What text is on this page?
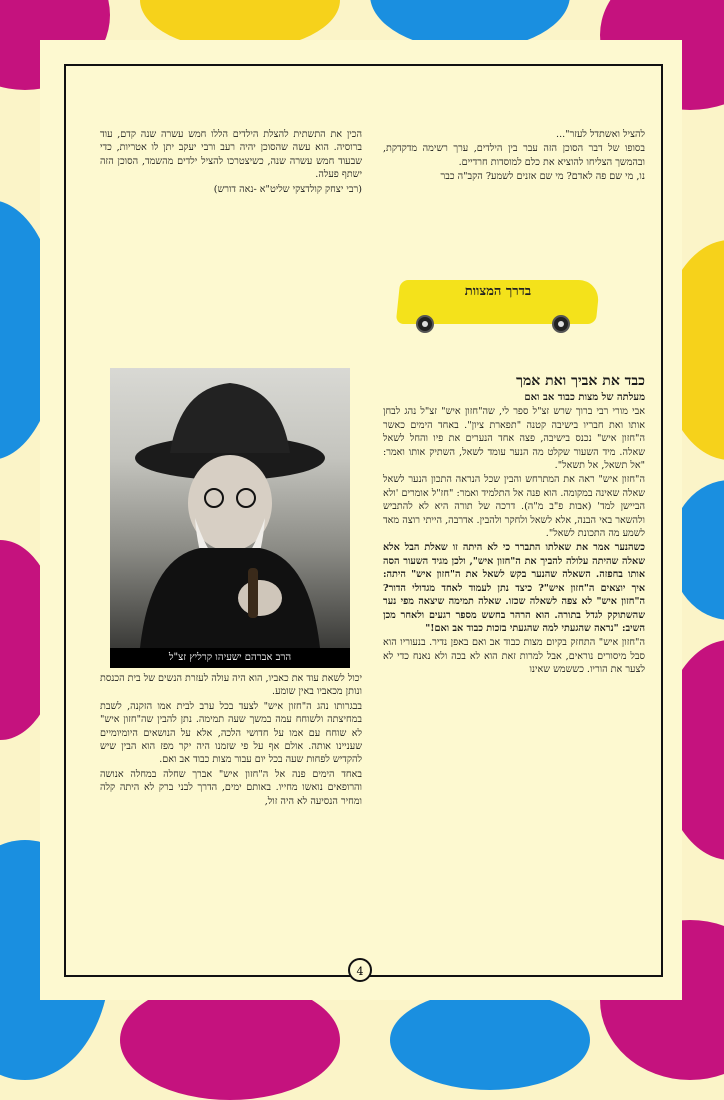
להציל ואשתדל לעזר"...

בסופו של דבר הסוכן הזה עבר בין הילדים, ערך רשימה מדקדקת, ובהמשך הצליחו להוציא את כלם למוסדות חרדיים.

נו, מי שם פה לאדם? מי שם אזנים לשמע? הקב"ה כבר

הכין את התשתית להצלת הילדים הללו חמש עשרה שנה קדם, עוד ברוסיה. הוא עשה שהסוכן יהיה רעב ורבי יעקב יתן לו אטריות, כדי שבעוד חמש עשרה שנה, כשיצטרכו להציל ילדים מהשמד, הסוכן הזה ישתף פעלה.

(רבי יצחק קולדצקי שליט"א -נאה דורש)

בדרך המצוות

כבד את אביך ואת אמך

מעלתה של מצות כבוד אב ואם

אבי מורי רבי ברוך שרש זצ"ל ספר לי, שה"חזון איש" זצ"ל נהג לבחן אותו ואת חבריו בישיבה קטנה "תפארת ציון". באחד הימים כאשר ה"חזון איש" נכנס בישיבה, פצה אחד הנערים את פיו והחל לשאל שאלה. מיד השעור שקלט מה הנער עומד לשאל, השתיק אותו ואמר: "אל תשאל, אל תשאל".

ה"חזון איש" ראה את המתרחש והבין שכל הנראה התכון הנער לשאל שאלה שאינה במקומה. הוא פנה אל התלמיד ואמר: "חז"ל אומרים 'ולא הביישן למד' (אבות פ"ב מ"ה). דרכה של תורה היא לא להתביש ולהשאר באי הבנה, אלא לשאל ולחקר ולהבין. אדרבה, הייתי רוצה מאד לשמע מה התכונת לשאל".

כשהנער אמר את שאלתו התברר כי לא היתה זו שאלת הבל אלא שאלה שהיתה עלולה להביך את ה"חזון איש", ולכן מגיד השעור הסה אותו בחפזה. השאלה שהנער בקש לשאל את ה"חזון איש" היתה: איך יוצאים ה"חזון איש"? כיצד נתן לעמוד לאחד מגדולי הדור? ה"חזון איש" לא צפה לשאלה שכזו. שאלה תמימה שיצאה מפי נער שהשתוקק לגדל בתורה. הוא הרהר בחשש מספר רגעים ולאחר מכן השיב: "נראה שהגעתי למה שהגעתי בזכות כבוד אב ואם!"

ה"חזון איש" התחזק בקיום מצות כבוד אב ואם באפן נדיר. בנעוריו הוא סבל מיסורים נוראים, אבל למרות זאת הוא לא בכה ולא נאנח כדי לא לצער את הוריו. כששמש שאינו

הרב אברהם ישעיהו קרליץ זצ"ל

יכול לשאת עוד את כאביו, הוא היה עולה לעזרת הנשים של בית הכנסת ונותן מכאביו באין שומע.

בבגרותו נהג ה"חזון איש" לצעד בכל ערב לבית אמו הזקנה, לשבת במחיצתה ולשוחח עמה במשך שעה תמימה. נתן להבין שה"חזון איש" לא שוחח עם אמו על חדושי הלכה, אלא על הנושאים היומיומיים שעניינו אותה. אולם אף על פי שזמנו היה יקר מפז הוא הבין שיש להקדיש לפחות שעה בכל יום עבור מצות כבוד אב ואם.

באחד הימים פנה אל ה"חזון איש" אברך שחלה במחלה אנושה והרופאים נואשו מחייו. באותם ימים, הדרך לבני ברק לא היתה קלה ומחיר הנסיעה לא היה זול,

4
